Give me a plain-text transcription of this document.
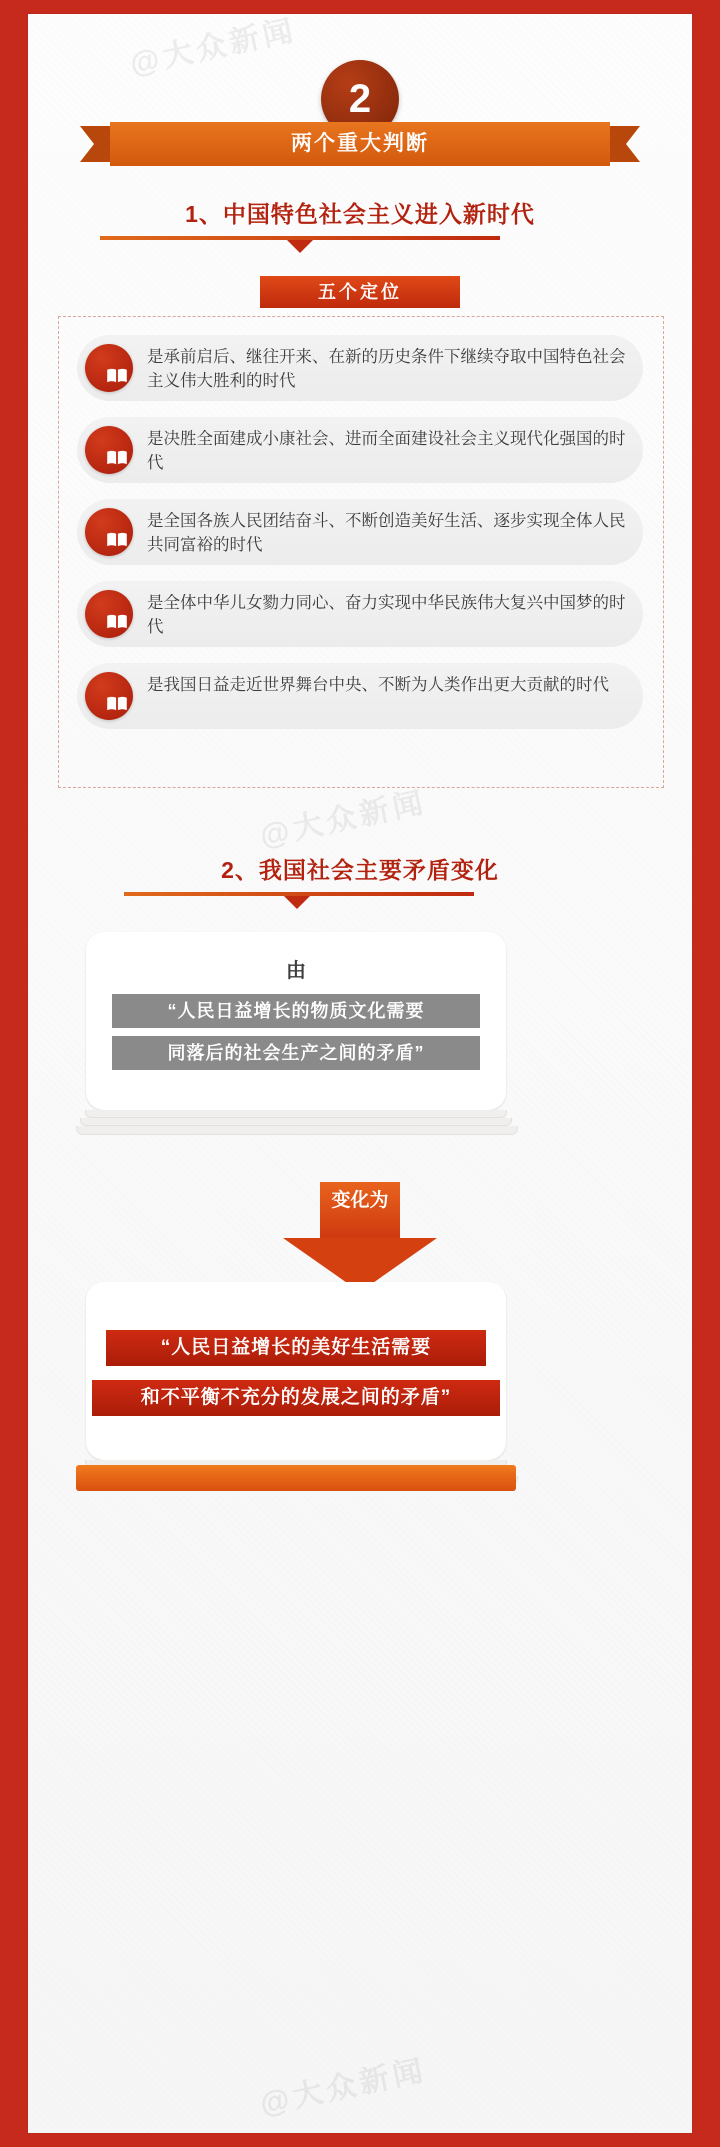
@大众新闻
@大众新闻
@大众新闻
2
两个重大判断
1、中国特色社会主义进入新时代
五个定位
是承前启后、继往开来、在新的历史条件下继续夺取中国特色社会主义伟大胜利的时代
是决胜全面建成小康社会、进而全面建设社会主义现代化强国的时代
是全国各族人民团结奋斗、不断创造美好生活、逐步实现全体人民共同富裕的时代
是全体中华儿女勠力同心、奋力实现中华民族伟大复兴中国梦的时代
是我国日益走近世界舞台中央、不断为人类作出更大贡献的时代
2、我国社会主要矛盾变化
由
“人民日益增长的物质文化需要
同落后的社会生产之间的矛盾”
变化为
“人民日益增长的美好生活需要
和不平衡不充分的发展之间的矛盾”
